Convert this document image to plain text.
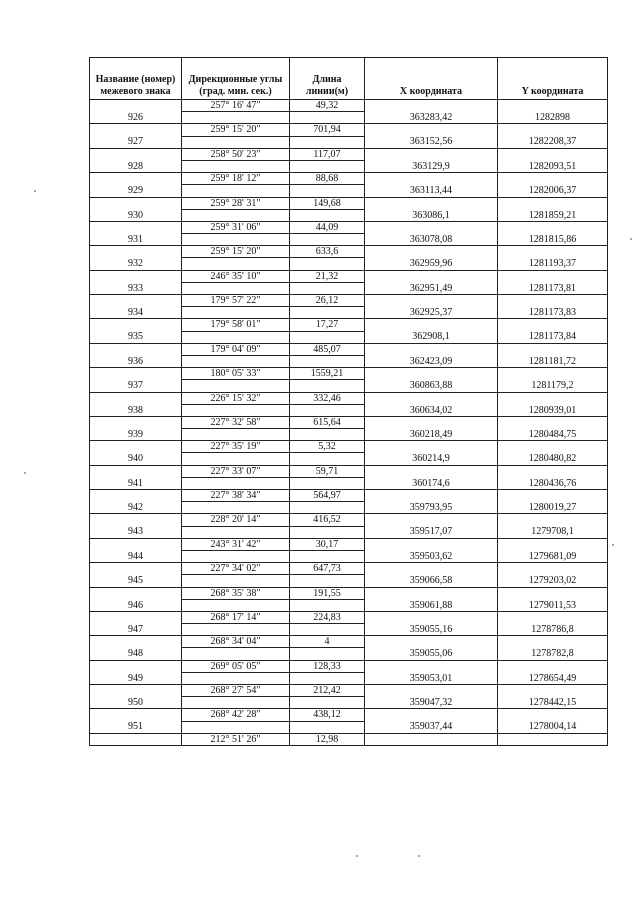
Название (номер) межевого знака	Дирекционные углы (град. мин. сек.)	Длина линии(м)	X координата	Y координата
	257° 16' 47"	49,32		
926			363283,42	1282898
	259° 15' 20"	701,94		
927			363152,56	1282208,37
	258° 50' 23"	117,07		
928			363129,9	1282093,51
	259° 18' 12"	88,68		
929			363113,44	1282006,37
	259° 28' 31"	149,68		
930			363086,1	1281859,21
	259° 31' 06"	44,09		
931			363078,08	1281815,86
	259° 15' 20"	633,6		
932			362959,96	1281193,37
	246° 35' 10"	21,32		
933			362951,49	1281173,81
	179° 57' 22"	26,12		
934			362925,37	1281173,83
	179° 58' 01"	17,27		
935			362908,1	1281173,84
	179° 04' 09"	485,07		
936			362423,09	1281181,72
	180° 05' 33"	1559,21		
937			360863,88	1281179,2
	226° 15' 32"	332,46		
938			360634,02	1280939,01
	227° 32' 58"	615,64		
939			360218,49	1280484,75
	227° 35' 19"	5,32		
940			360214,9	1280480,82
	227° 33' 07"	59,71		
941			360174,6	1280436,76
	227° 38' 34"	564,97		
942			359793,95	1280019,27
	228° 20' 14"	416,52		
943			359517,07	1279708,1
	243° 31' 42"	30,17		
944			359503,62	1279681,09
	227° 34' 02"	647,73		
945			359066,58	1279203,02
	268° 35' 38"	191,55		
946			359061,88	1279011,53
	268° 17' 14"	224,83		
947			359055,16	1278786,8
	268° 34' 04"	4		
948			359055,06	1278782,8
	269° 05' 05"	128,33		
949			359053,01	1278654,49
	268° 27' 54"	212,42		
950			359047,32	1278442,15
	268° 42' 28"	438,12		
951			359037,44	1278004,14
	212° 51' 26"	12,98		
